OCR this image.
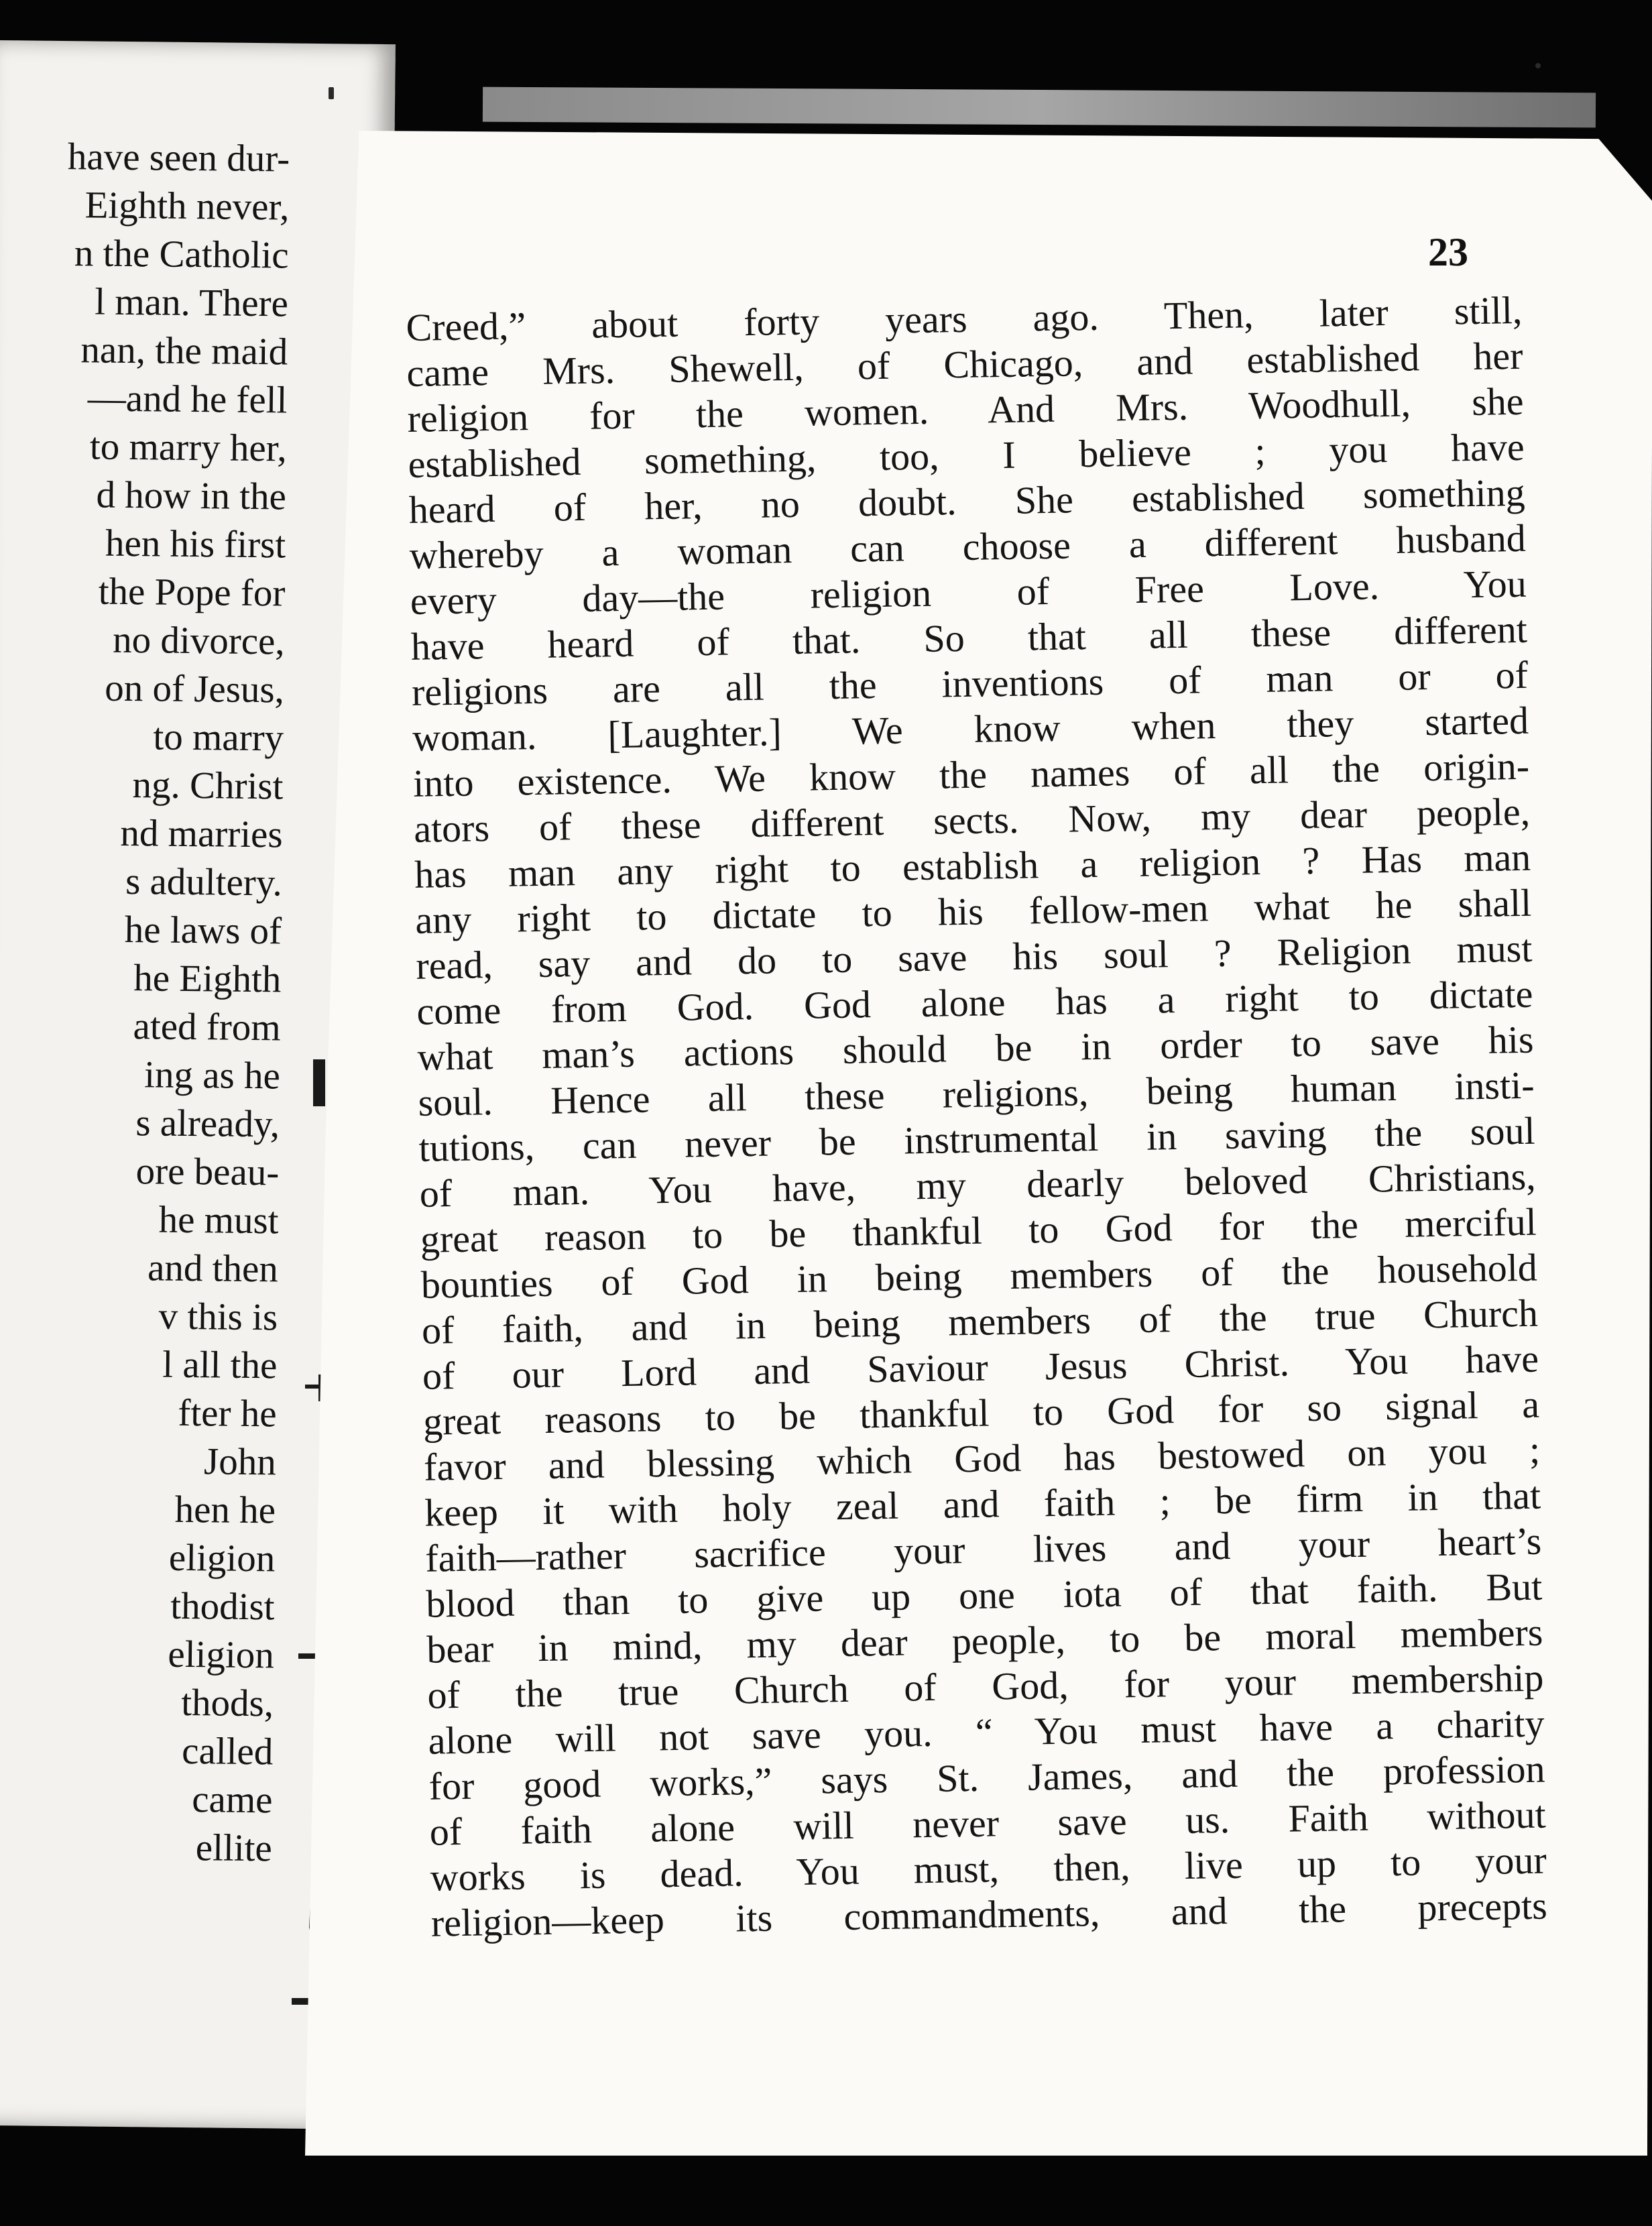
have seen dur-
Eighth never,
n the Catholic
l man. There
nan, the maid
—and he fell
to marry her,
d how in the
hen his first
the Pope for
no divorce,
on of Jesus,
to marry
ng. Christ
nd marries
s adultery.
he laws of
he Eighth
ated from
ing as he
s already,
ore beau-
he must
and then
v this is
l all the
fter he
John
hen he
eligion
thodist
eligion
thods,
called
came
ellite
23
Creed,” about forty years ago. Then, later still,
came Mrs. Shewell, of Chicago, and established her
religion for the women. And Mrs. Woodhull, she
established something, too, I believe ; you have
heard of her, no doubt. She established something
whereby a woman can choose a different husband
every day—the religion of Free Love. You
have heard of that. So that all these different
religions are all the inventions of man or of
woman. [Laughter.] We know when they started
into existence. We know the names of all the origin-
ators of these different sects. Now, my dear people,
has man any right to establish a religion ? Has man
any right to dictate to his fellow-men what he shall
read, say and do to save his soul ? Religion must
come from God. God alone has a right to dictate
what man’s actions should be in order to save his
soul. Hence all these religions, being human insti-
tutions, can never be instrumental in saving the soul
of man. You have, my dearly beloved Christians,
great reason to be thankful to God for the merciful
bounties of God in being members of the household
of faith, and in being members of the true Church
of our Lord and Saviour Jesus Christ. You have
great reasons to be thankful to God for so signal a
favor and blessing which God has bestowed on you ;
keep it with holy zeal and faith ; be firm in that
faith—rather sacrifice your lives and your heart’s
blood than to give up one iota of that faith. But
bear in mind, my dear people, to be moral members
of the true Church of God, for your membership
alone will not save you. “ You must have a charity
for good works,” says St. James, and the profession
of faith alone will never save us. Faith without
works is dead. You must, then, live up to your
religion—keep its commandments, and the precepts
